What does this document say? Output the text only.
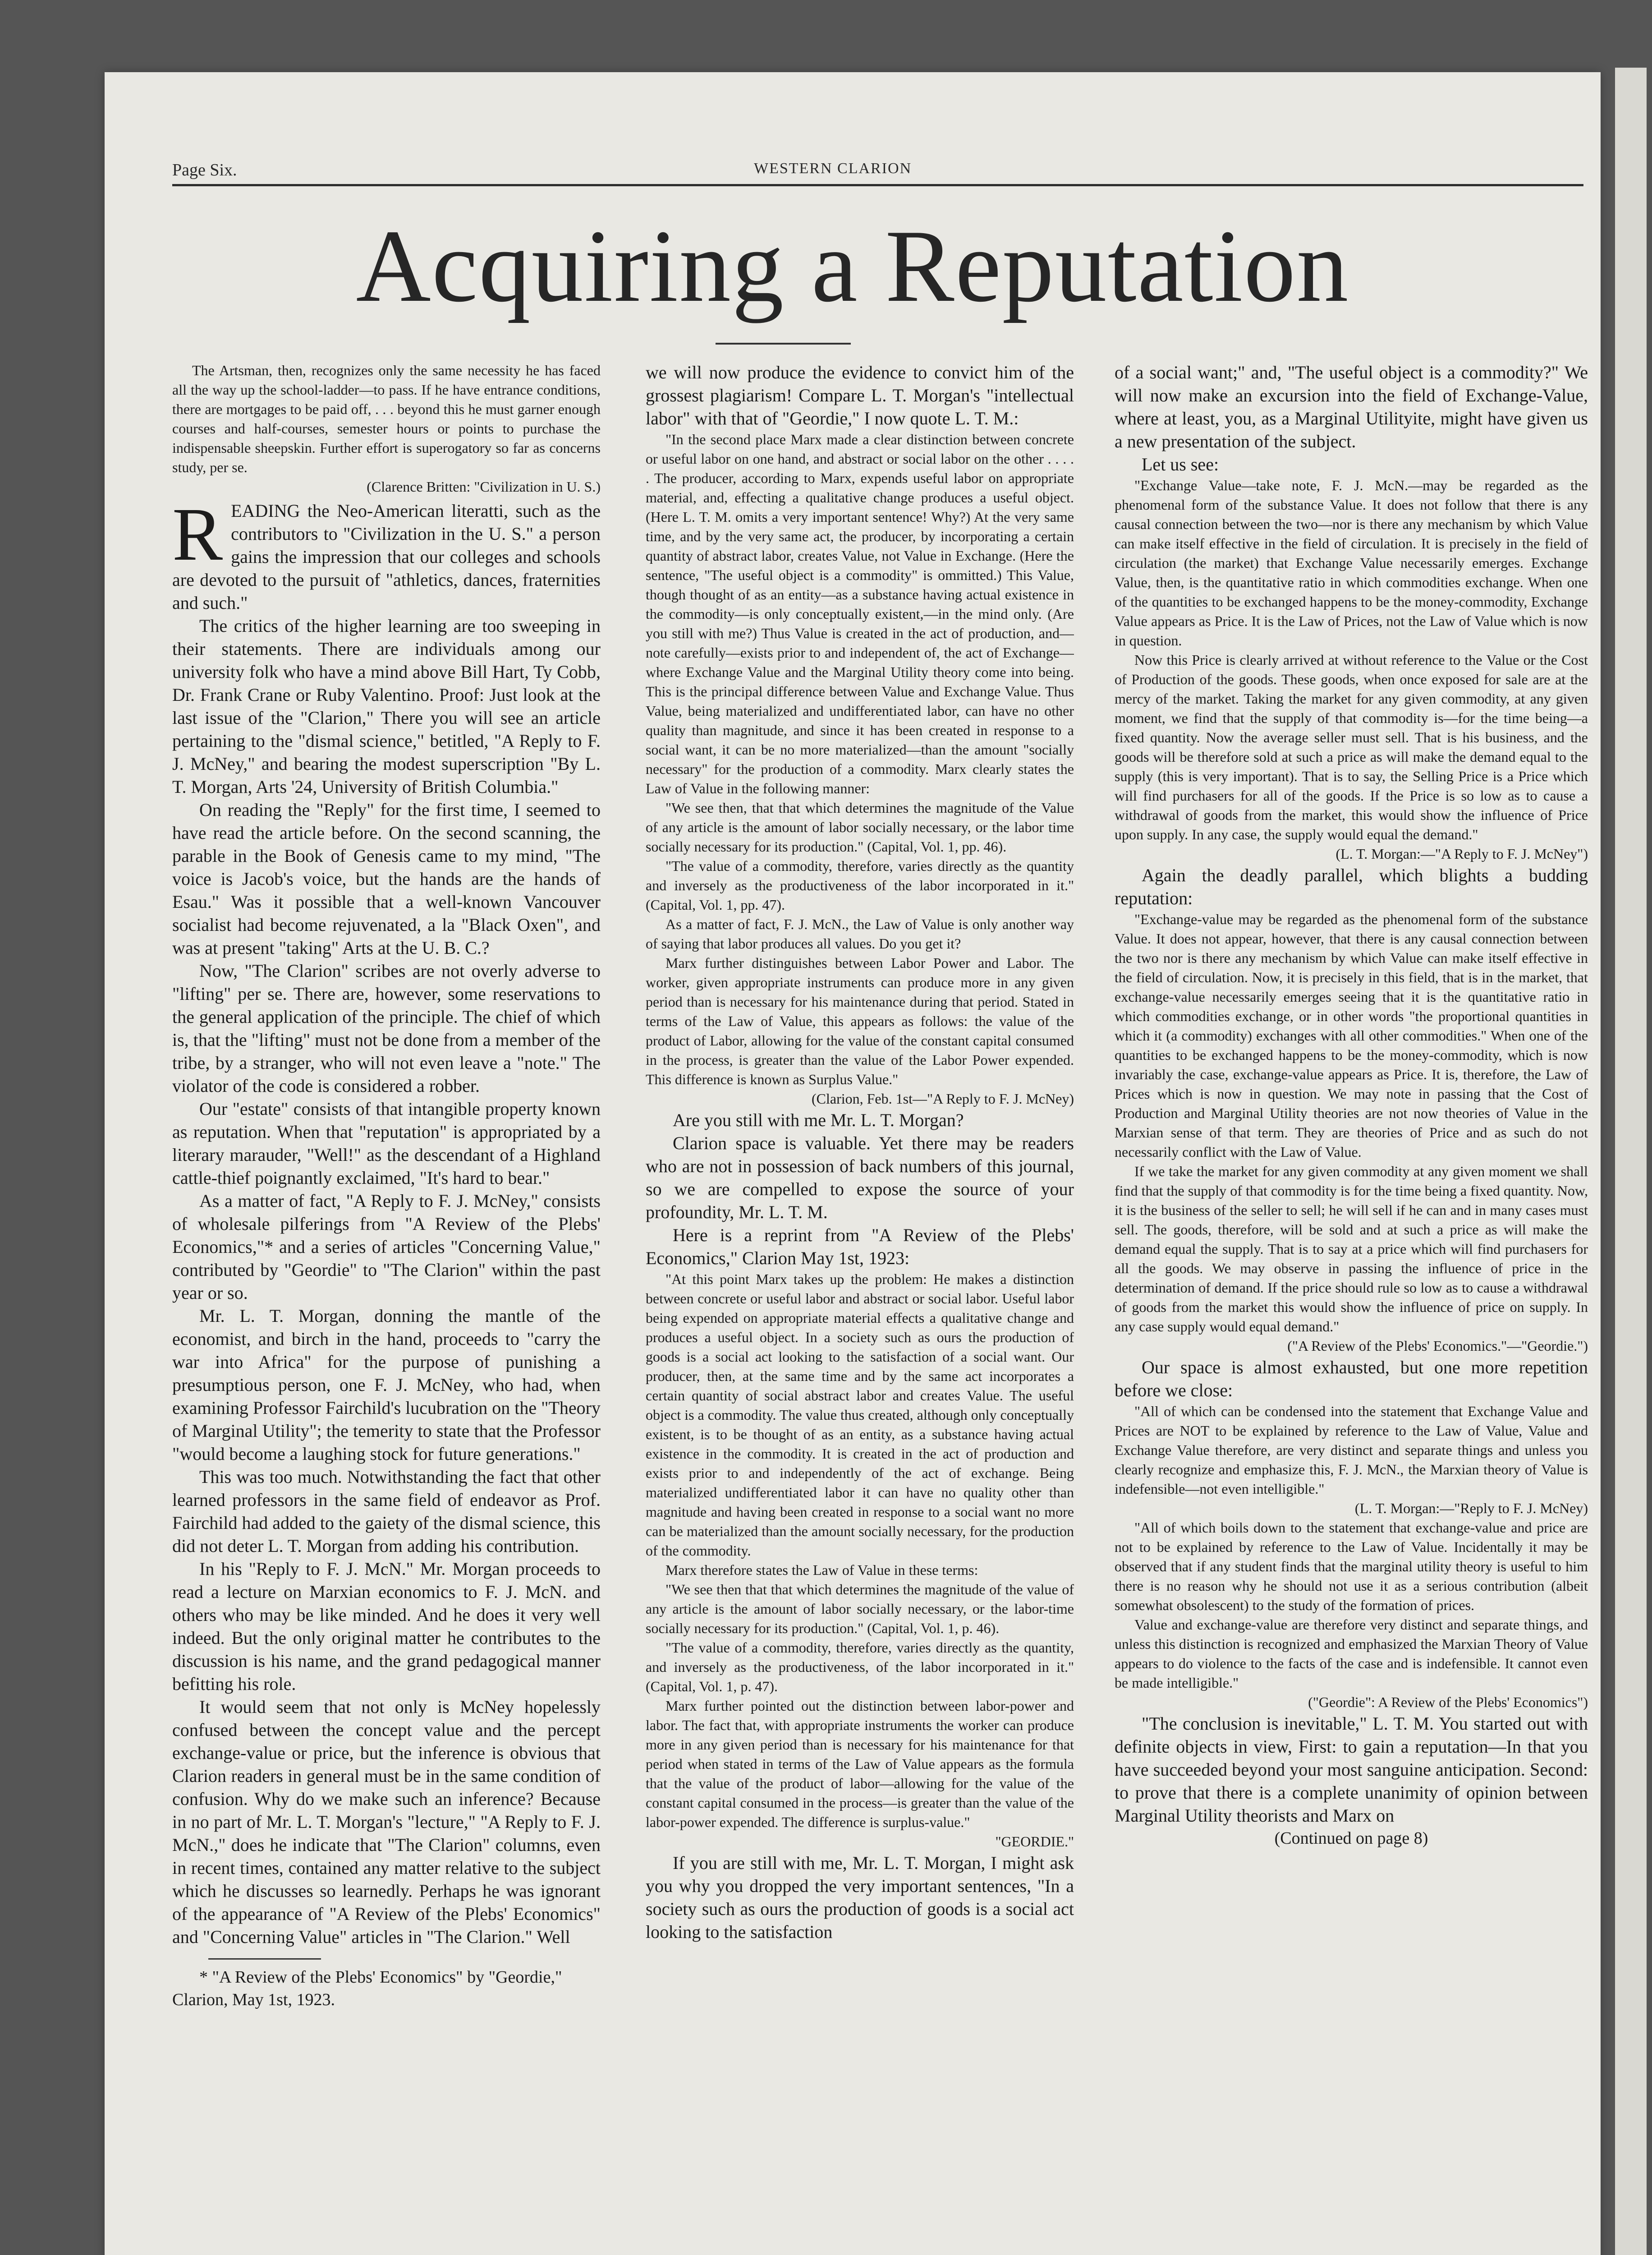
Page Six.	WESTERN CLARION
Acquiring a Reputation

The Artsman, then, recognizes only the same necessity he has faced all the way up the school-ladder—to pass. If he have entrance conditions, there are mortgages to be paid off, . . . beyond this he must garner enough courses and half-courses, semester hours or points to purchase the indispensable sheepskin. Further effort is superogatory so far as concerns study, per se.

(Clarence Britten: "Civilization in U. S.)

READING the Neo-American literatti, such as the contributors to "Civilization in the U. S." a person gains the impression that our colleges and schools are devoted to the pursuit of "athletics, dances, fraternities and such."

The critics of the higher learning are too sweeping in their statements. There are individuals among our university folk who have a mind above Bill Hart, Ty Cobb, Dr. Frank Crane or Ruby Valentino. Proof: Just look at the last issue of the "Clarion," There you will see an article pertaining to the "dismal science," betitled, "A Reply to F. J. McNey," and bearing the modest superscription "By L. T. Morgan, Arts '24, University of British Columbia."

On reading the "Reply" for the first time, I seemed to have read the article before. On the second scanning, the parable in the Book of Genesis came to my mind, "The voice is Jacob's voice, but the hands are the hands of Esau." Was it possible that a well-known Vancouver socialist had become rejuvenated, a la "Black Oxen", and was at present "taking" Arts at the U. B. C.?

Now, "The Clarion" scribes are not overly adverse to "lifting" per se. There are, however, some reservations to the general application of the principle. The chief of which is, that the "lifting" must not be done from a member of the tribe, by a stranger, who will not even leave a "note." The violator of the code is considered a robber.

Our "estate" consists of that intangible property known as reputation. When that "reputation" is appropriated by a literary marauder, "Well!" as the descendant of a Highland cattle-thief poignantly exclaimed, "It's hard to bear."

As a matter of fact, "A Reply to F. J. McNey," consists of wholesale pilferings from "A Review of the Plebs' Economics,"* and a series of articles "Concerning Value," contributed by "Geordie" to "The Clarion" within the past year or so.

Mr. L. T. Morgan, donning the mantle of the economist, and birch in the hand, proceeds to "carry the war into Africa" for the purpose of punishing a presumptious person, one F. J. McNey, who had, when examining Professor Fairchild's lucubration on the "Theory of Marginal Utility"; the temerity to state that the Professor "would become a laughing stock for future generations."

This was too much. Notwithstanding the fact that other learned professors in the same field of endeavor as Prof. Fairchild had added to the gaiety of the dismal science, this did not deter L. T. Morgan from adding his contribution.

In his "Reply to F. J. McN." Mr. Morgan proceeds to read a lecture on Marxian economics to F. J. McN. and others who may be like minded. And he does it very well indeed. But the only original matter he contributes to the discussion is his name, and the grand pedagogical manner befitting his role.

It would seem that not only is McNey hopelessly confused between the concept value and the percept exchange-value or price, but the inference is obvious that Clarion readers in general must be in the same condition of confusion. Why do we make such an inference? Because in no part of Mr. L. T. Morgan's "lecture," "A Reply to F. J. McN.," does he indicate that "The Clarion" columns, even in recent times, contained any matter relative to the subject which he discusses so learnedly. Perhaps he was ignorant of the appearance of "A Review of the Plebs' Economics" and "Concerning Value" articles in "The Clarion." Well

* "A Review of the Plebs' Economics" by "Geordie," Clarion, May 1st, 1923.

we will now produce the evidence to convict him of the grossest plagiarism! Compare L. T. Morgan's "intellectual labor" with that of "Geordie," I now quote L. T. M.:

"In the second place Marx made a clear distinction between concrete or useful labor on one hand, and abstract or social labor on the other . . . . . The producer, according to Marx, expends useful labor on appropriate material, and, effecting a qualitative change produces a useful object. (Here L. T. M. omits a very important sentence! Why?) At the very same time, and by the very same act, the producer, by incorporating a certain quantity of abstract labor, creates Value, not Value in Exchange. (Here the sentence, "The useful object is a commodity" is ommitted.) This Value, though thought of as an entity—as a substance having actual existence in the commodity—is only conceptually existent,—in the mind only. (Are you still with me?) Thus Value is created in the act of production, and—note carefully—exists prior to and independent of, the act of Exchange—where Exchange Value and the Marginal Utility theory come into being. This is the principal difference between Value and Exchange Value. Thus Value, being materialized and undifferentiated labor, can have no other quality than magnitude, and since it has been created in response to a social want, it can be no more materialized—than the amount "socially necessary" for the production of a commodity. Marx clearly states the Law of Value in the following manner:

"We see then, that that which determines the magnitude of the Value of any article is the amount of labor socially necessary, or the labor time socially necessary for its production." (Capital, Vol. 1, pp. 46).

"The value of a commodity, therefore, varies directly as the quantity and inversely as the productiveness of the labor incorporated in it." (Capital, Vol. 1, pp. 47).

As a matter of fact, F. J. McN., the Law of Value is only another way of saying that labor produces all values. Do you get it?

Marx further distinguishes between Labor Power and Labor. The worker, given appropriate instruments can produce more in any given period than is necessary for his maintenance during that period. Stated in terms of the Law of Value, this appears as follows: the value of the product of Labor, allowing for the value of the constant capital consumed in the process, is greater than the value of the Labor Power expended. This difference is known as Surplus Value."

(Clarion, Feb. 1st—"A Reply to F. J. McNey)

Are you still with me Mr. L. T. Morgan?

Clarion space is valuable. Yet there may be readers who are not in possession of back numbers of this journal, so we are compelled to expose the source of your profoundity, Mr. L. T. M.

Here is a reprint from "A Review of the Plebs' Economics," Clarion May 1st, 1923:

"At this point Marx takes up the problem: He makes a distinction between concrete or useful labor and abstract or social labor. Useful labor being expended on appropriate material effects a qualitative change and produces a useful object. In a society such as ours the production of goods is a social act looking to the satisfaction of a social want. Our producer, then, at the same time and by the same act incorporates a certain quantity of social abstract labor and creates Value. The useful object is a commodity. The value thus created, although only conceptually existent, is to be thought of as an entity, as a substance having actual existence in the commodity. It is created in the act of production and exists prior to and independently of the act of exchange. Being materialized undifferentiated labor it can have no quality other than magnitude and having been created in response to a social want no more can be materialized than the amount socially necessary, for the production of the commodity.

Marx therefore states the Law of Value in these terms:

"We see then that that which determines the magnitude of the value of any article is the amount of labor socially necessary, or the labor-time socially necessary for its production." (Capital, Vol. 1, p. 46).

"The value of a commodity, therefore, varies directly as the quantity, and inversely as the productiveness, of the labor incorporated in it." (Capital, Vol. 1, p. 47).

Marx further pointed out the distinction between labor-power and labor. The fact that, with appropriate instruments the worker can produce more in any given period than is necessary for his maintenance for that period when stated in terms of the Law of Value appears as the formula that the value of the product of labor—allowing for the value of the constant capital consumed in the process—is greater than the value of the labor-power expended. The difference is surplus-value."

"GEORDIE."

If you are still with me, Mr. L. T. Morgan, I might ask you why you dropped the very important sentences, "In a society such as ours the production of goods is a social act looking to the satisfaction

of a social want;" and, "The useful object is a commodity?" We will now make an excursion into the field of Exchange-Value, where at least, you, as a Marginal Utilityite, might have given us a new presentation of the subject.

Let us see:

"Exchange Value—take note, F. J. McN.—may be regarded as the phenomenal form of the substance Value. It does not follow that there is any causal connection between the two—nor is there any mechanism by which Value can make itself effective in the field of circulation. It is precisely in the field of circulation (the market) that Exchange Value necessarily emerges. Exchange Value, then, is the quantitative ratio in which commodities exchange. When one of the quantities to be exchanged happens to be the money-commodity, Exchange Value appears as Price. It is the Law of Prices, not the Law of Value which is now in question.

Now this Price is clearly arrived at without reference to the Value or the Cost of Production of the goods. These goods, when once exposed for sale are at the mercy of the market. Taking the market for any given commodity, at any given moment, we find that the supply of that commodity is—for the time being—a fixed quantity. Now the average seller must sell. That is his business, and the goods will be therefore sold at such a price as will make the demand equal to the supply (this is very important). That is to say, the Selling Price is a Price which will find purchasers for all of the goods. If the Price is so low as to cause a withdrawal of goods from the market, this would show the influence of Price upon supply. In any case, the supply would equal the demand."

(L. T. Morgan:—"A Reply to F. J. McNey")

Again the deadly parallel, which blights a budding reputation:

"Exchange-value may be regarded as the phenomenal form of the substance Value. It does not appear, however, that there is any causal connection between the two nor is there any mechanism by which Value can make itself effective in the field of circulation. Now, it is precisely in this field, that is in the market, that exchange-value necessarily emerges seeing that it is the quantitative ratio in which commodities exchange, or in other words "the proportional quantities in which it (a commodity) exchanges with all other commodities." When one of the quantities to be exchanged happens to be the money-commodity, which is now invariably the case, exchange-value appears as Price. It is, therefore, the Law of Prices which is now in question. We may note in passing that the Cost of Production and Marginal Utility theories are not now theories of Value in the Marxian sense of that term. They are theories of Price and as such do not necessarily conflict with the Law of Value.

If we take the market for any given commodity at any given moment we shall find that the supply of that commodity is for the time being a fixed quantity. Now, it is the business of the seller to sell; he will sell if he can and in many cases must sell. The goods, therefore, will be sold and at such a price as will make the demand equal the supply. That is to say at a price which will find purchasers for all the goods. We may observe in passing the influence of price in the determination of demand. If the price should rule so low as to cause a withdrawal of goods from the market this would show the influence of price on supply. In any case supply would equal demand."

("A Review of the Plebs' Economics."—"Geordie.")

Our space is almost exhausted, but one more repetition before we close:

"All of which can be condensed into the statement that Exchange Value and Prices are NOT to be explained by reference to the Law of Value, Value and Exchange Value therefore, are very distinct and separate things and unless you clearly recognize and emphasize this, F. J. McN., the Marxian theory of Value is indefensible—not even intelligible."

(L. T. Morgan:—"Reply to F. J. McNey)

"All of which boils down to the statement that exchange-value and price are not to be explained by reference to the Law of Value. Incidentally it may be observed that if any student finds that the marginal utility theory is useful to him there is no reason why he should not use it as a serious contribution (albeit somewhat obsolescent) to the study of the formation of prices.

Value and exchange-value are therefore very distinct and separate things, and unless this distinction is recognized and emphasized the Marxian Theory of Value appears to do violence to the facts of the case and is indefensible. It cannot even be made intelligible."

("Geordie": A Review of the Plebs' Economics")

"The conclusion is inevitable," L. T. M. You started out with definite objects in view, First: to gain a reputation—In that you have succeeded beyond your most sanguine anticipation. Second: to prove that there is a complete unanimity of opinion between Marginal Utility theorists and Marx on

(Continued on page 8)
